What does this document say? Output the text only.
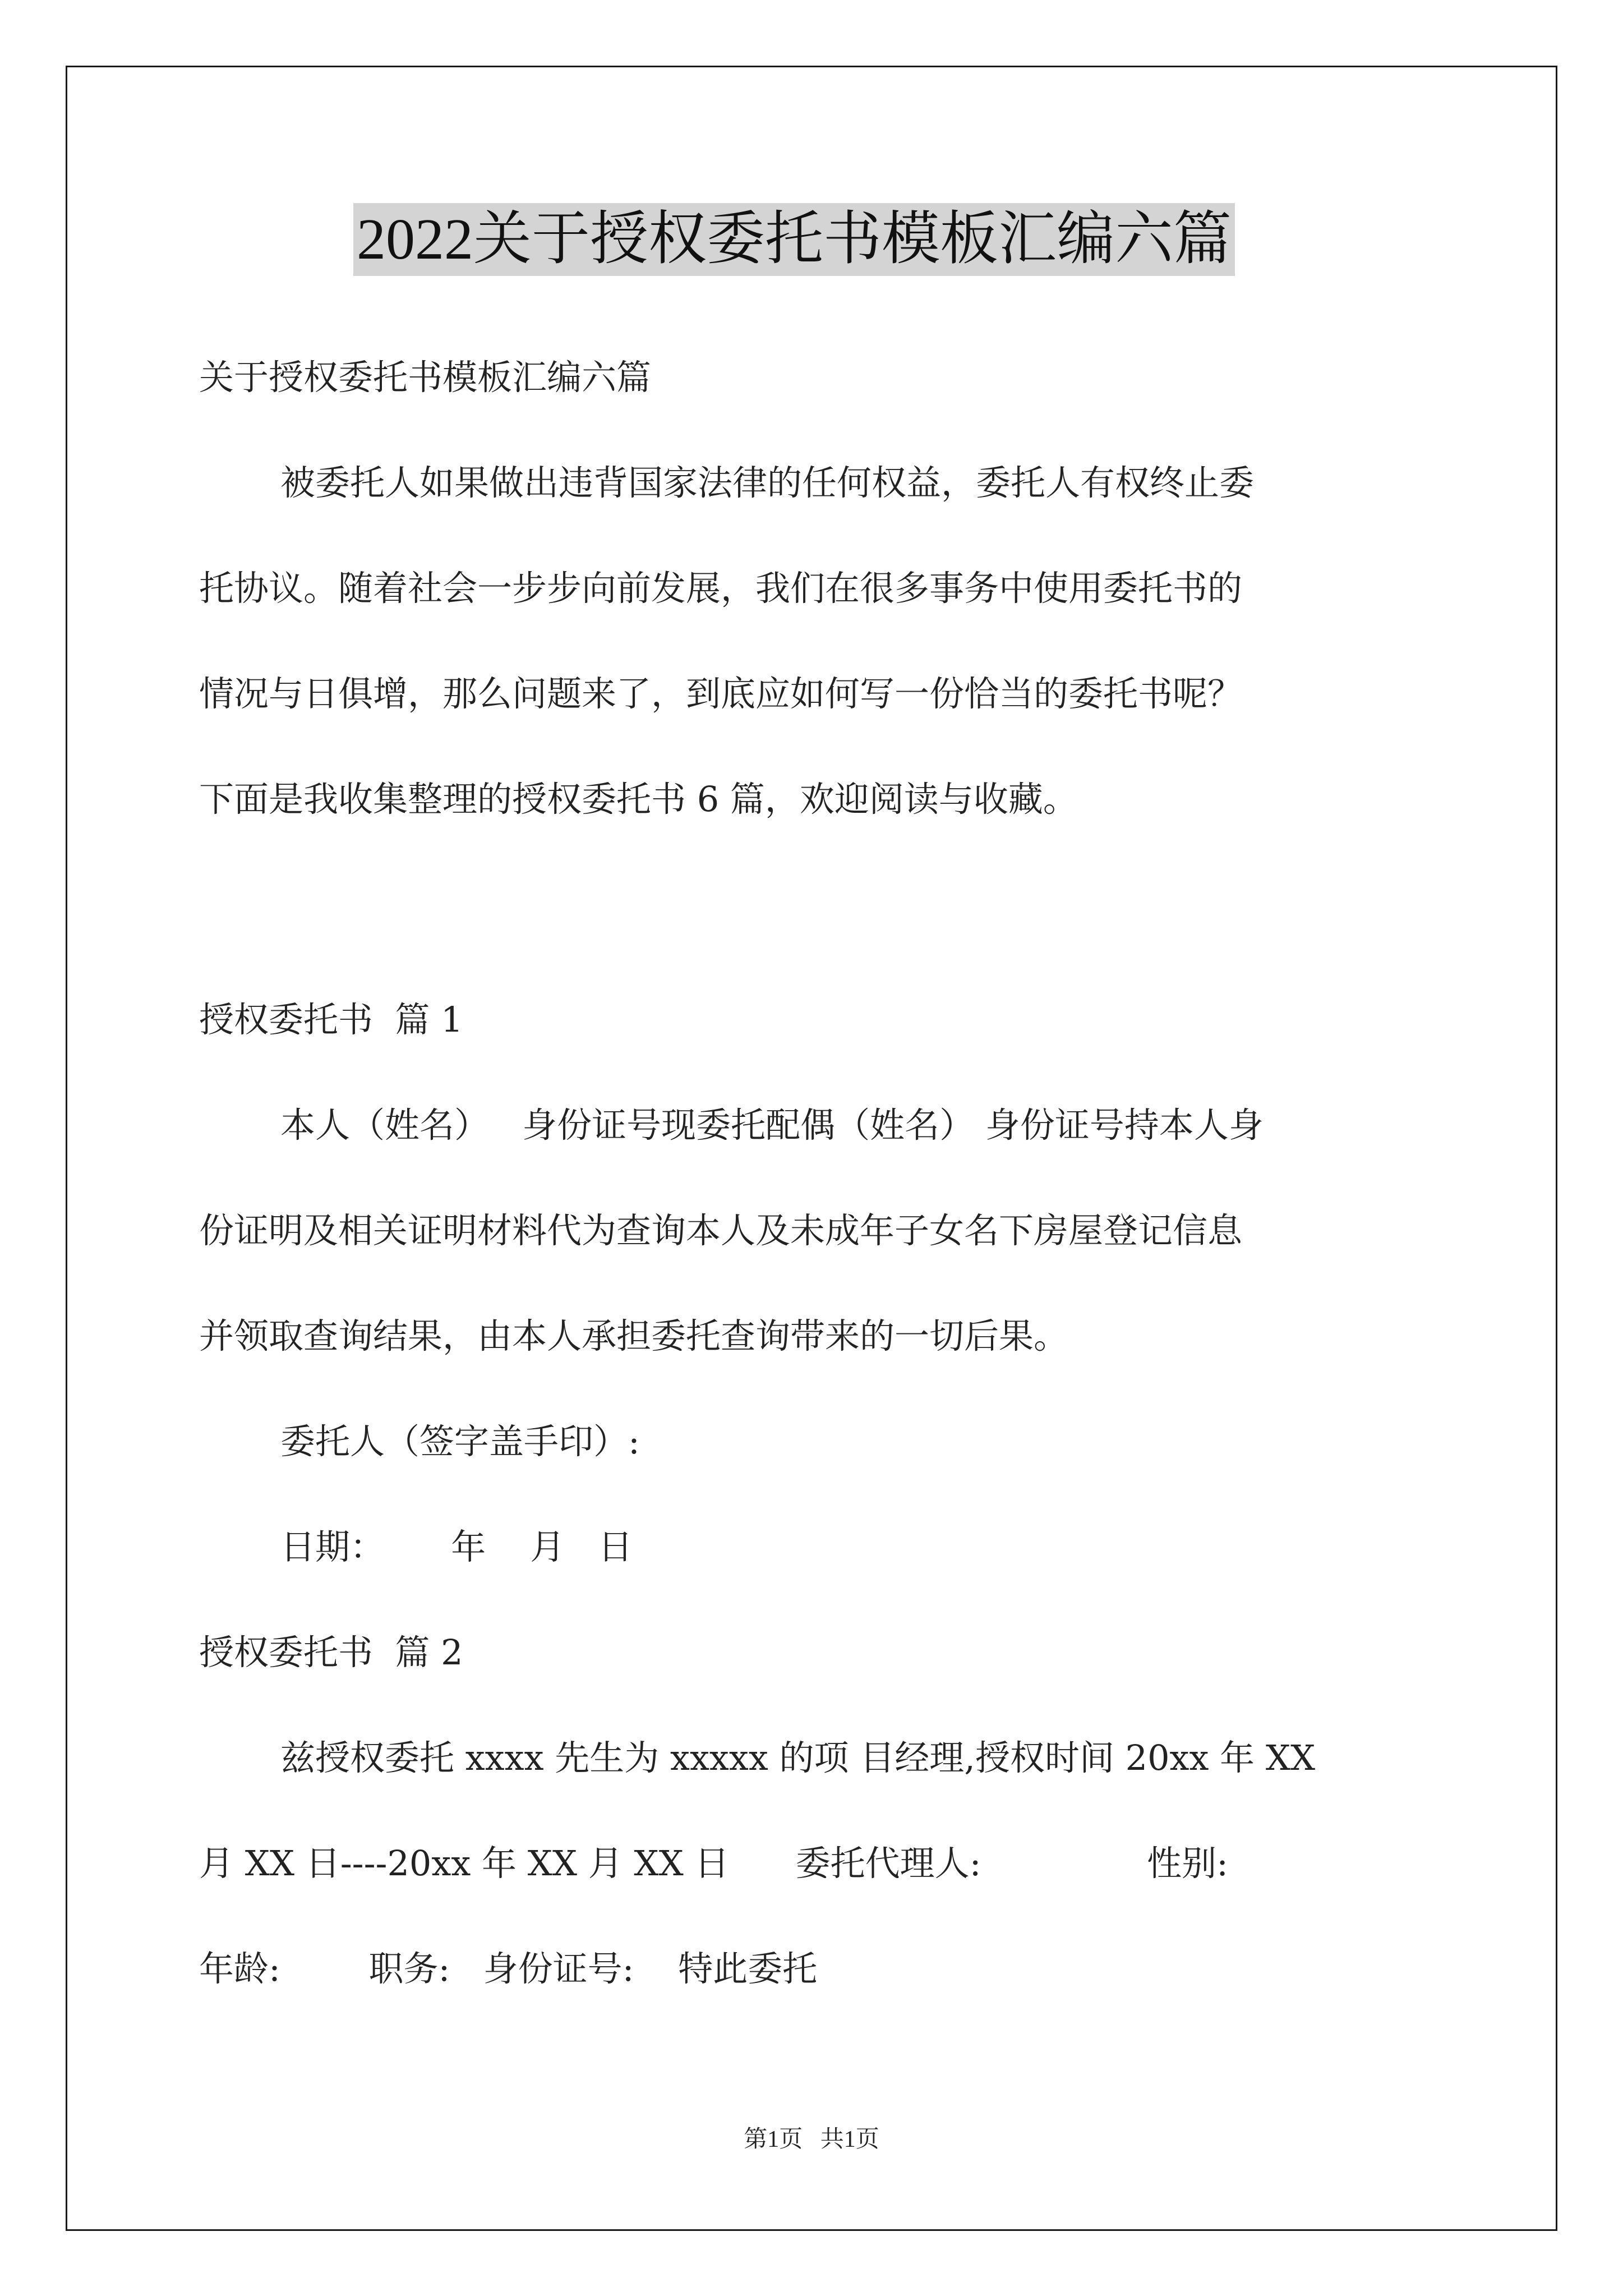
2022关于授权委托书模板汇编六篇
关于授权委托书模板汇编六篇
被委托人如果做出违背国家法律的任何权益，委托人有权终止委
托协议。随着社会一步步向前发展，我们在很多事务中使用委托书的
情况与日俱增，那么问题来了，到底应如何写一份恰当的委托书呢？
下面是我收集整理的授权委托书 6 篇，欢迎阅读与收藏。
授权委托书  篇 1
本人（姓名）   身份证号现委托配偶（姓名） 身份证号持本人身
份证明及相关证明材料代为查询本人及未成年子女名下房屋登记信息
并领取查询结果，由本人承担委托查询带来的一切后果。
委托人（签字盖手印）:
日期：      年    月   日
授权委托书  篇 2
兹授权委托 xxxx 先生为 xxxxx 的项 目经理,授权时间 20xx 年 XX
月 XX 日----20xx 年 XX 月 XX 日      委托代理人:               性别:
年龄:        职务:   身份证号:    特此委托
第1页   共1页
